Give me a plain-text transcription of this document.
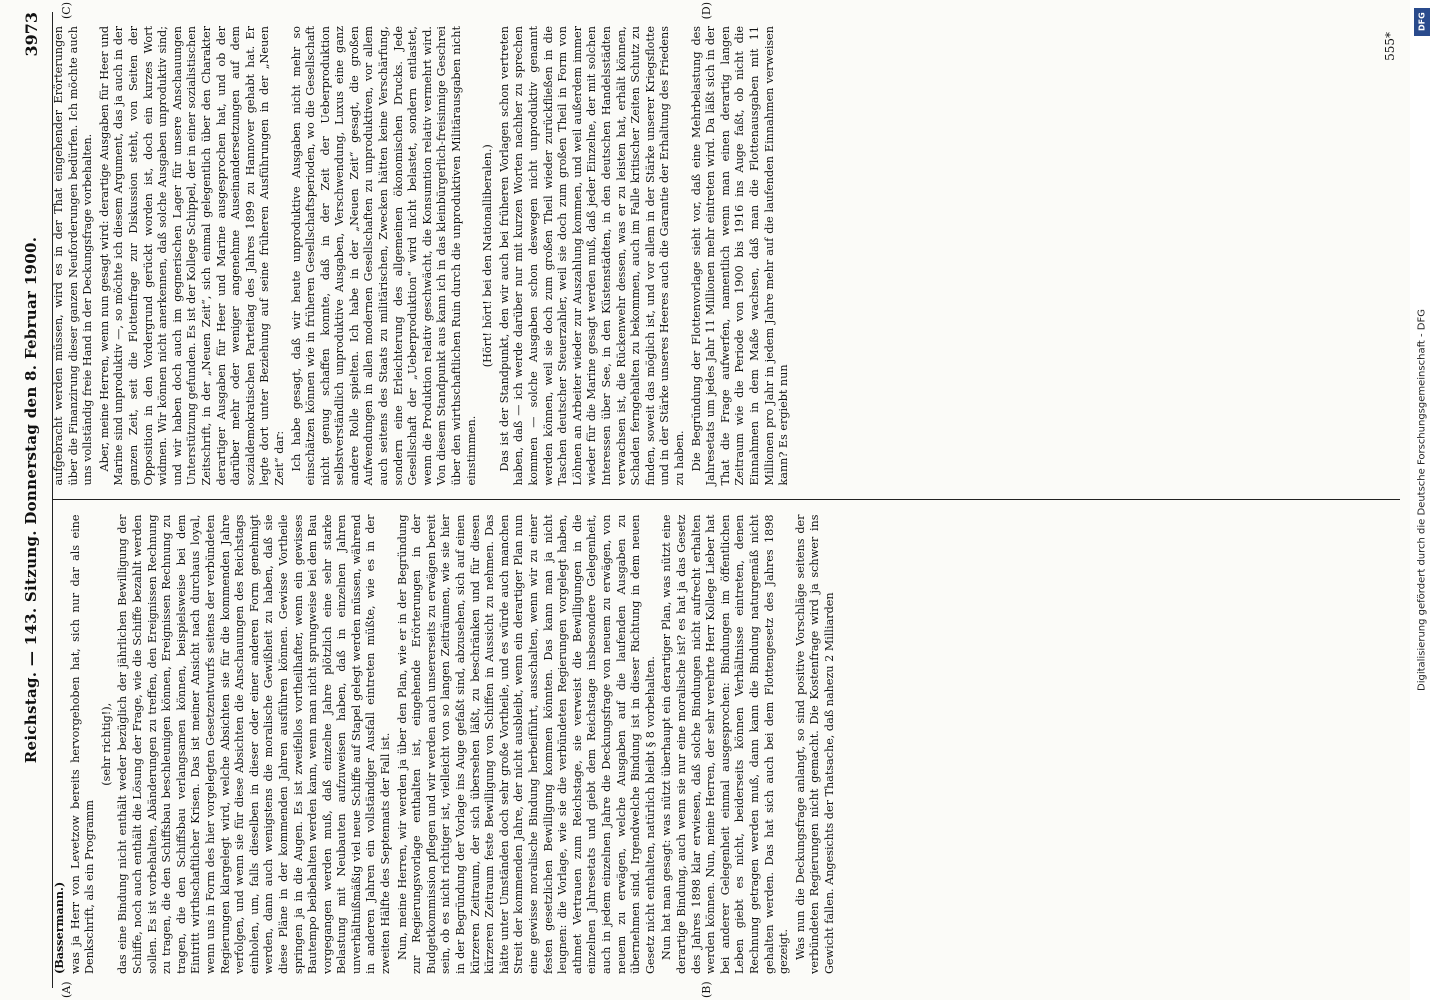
Reichstag. — 143. Sitzung. Donnerstag den 8. Februar 1900.
3973

(Bassermann.) was ja Herr von Levetzow bereits hervorgehoben hat, sich nur dar als eine Denkschrift, als ein Programm

(sehr richtig!), das eine Bindung nicht enthält weder bezüglich der jährlichen Bewilligung der Schiffe, noch auch enthält die Lösung der Frage, wie die Schiffe bezahlt werden sollen. Es ist vorbehalten, Abänderungen zu treffen, den Ereignissen Rechnung zu tragen, die den Schiffsbau beschleunigen können, Ereignissen Rechnung zu tragen, die den Schiffsbau verlangsamen können, beispielsweise bei dem Eintritt wirthschaftlicher Krisen. Das ist meiner Ansicht nach durchaus loyal, wenn uns in Form des hier vorgelegten Gesetzentwurfs seitens der verbündeten Regierungen klargelegt wird, welche Absichten sie für die kommenden Jahre verfolgen, und wenn sie für diese Absichten die Anschauungen des Reichstags einholen, um, falls dieselben in dieser oder einer anderen Form genehmigt werden, dann auch wenigstens die moralische Gewißheit zu haben, daß sie diese Pläne in der kommenden Jahren ausführen können. Gewisse Vortheile springen ja in die Augen. Es ist zweifellos vortheilhafter, wenn ein gewisses Bautempo beibehalten werden kann, wenn man nicht sprungweise bei dem Bau vorgegangen werden muß, daß einzelne Jahre plötzlich eine sehr starke Belastung mit Neubauten aufzuweisen haben, daß in einzelnen Jahren unverhältnißmäßig viel neue Schiffe auf Stapel gelegt werden müssen, während in anderen Jahren ein vollständiger Ausfall eintreten müßte, wie es in der zweiten Hälfte des Septennats der Fall ist. Nun, meine Herren, wir werden ja über den Plan, wie er in der Begründung zur Regierungsvorlage enthalten ist, eingehende Erörterungen in der Budgetkommission pflegen und wir werden auch unsererseits zu erwägen bereit sein, ob es nicht richtiger ist, vielleicht von so langen Zeiträumen, wie sie hier in der Begründung der Vorlage ins Auge gefaßt sind, abzusehen, sich auf einen kürzeren Zeitraum, der sich übersehen läßt, zu beschränken und für diesen kürzeren Zeitraum feste Bewilligung von Schiffen in Aussicht zu nehmen. Das hätte unter Umständen doch sehr große Vortheile, und es würde auch manchen Streit der kommenden Jahre, der nicht ausbleibt, wenn ein derartiger Plan nun eine gewisse moralische Bindung herbeiführt, ausschalten, wenn wir zu einer festen gesetzlichen Bewilligung kommen könnten. Das kann man ja nicht leugnen: die Vorlage, wie sie die verbündeten Regierungen vorgelegt haben, athmet Vertrauen zum Reichstage, sie verweist die Bewilligungen in die einzelnen Jahresetats und giebt dem Reichstage insbesondere Gelegenheit, auch in jedem einzelnen Jahre die Deckungsfrage von neuem zu erwägen, von neuem zu erwägen, welche Ausgaben auf die laufenden Ausgaben zu übernehmen sind. Irgendwelche Bindung ist in dieser Richtung in dem neuen Gesetz nicht enthalten, natürlich bleibt § 8 vorbehalten. Nun hat man gesagt: was nützt überhaupt ein derartiger Plan, was nützt eine derartige Bindung, auch wenn sie nur eine moralische ist? es hat ja das Gesetz des Jahres 1898 klar erwiesen, daß solche Bindungen nicht aufrecht erhalten werden können. Nun, meine Herren, der sehr verehrte Herr Kollege Lieber hat bei anderer Gelegenheit einmal ausgesprochen: Bindungen im öffentlichen Leben giebt es nicht, beiderseits können Verhältnisse eintreten, denen Rechnung getragen werden muß, dann kann die Bindung naturgemäß nicht gehalten werden. Das hat sich auch bei dem Flottengesetz des Jahres 1898 gezeigt. Was nun die Deckungsfrage anlangt, so sind positive Vorschläge seitens der verbündeten Regierungen nicht gemacht. Die Kostenfrage wird ja schwer ins Gewicht fallen. Angesichts der Thatsache, daß nahezu 2 Milliarden

aufgebracht werden müssen, wird es in der That eingehender Erörterungen über die Finanzirung dieser ganzen Neuforderungen bedürfen. Ich möchte auch uns vollständig freie Hand in der Deckungsfrage vorbehalten. Aber, meine Herren, wenn nun gesagt wird: derartige Ausgaben für Heer und Marine sind unproduktiv —, so möchte ich diesem Argument, das ja auch in der ganzen Zeit, seit die Flottenfrage zur Diskussion steht, von Seiten der Opposition in den Vordergrund gerückt worden ist, doch ein kurzes Wort widmen. Wir können nicht anerkennen, daß solche Ausgaben unproduktiv sind; und wir haben doch auch im gegnerischen Lager für unsere Anschauungen Unterstützung gefunden. Es ist der Kollege Schippel, der in einer sozialistischen Zeitschrift, in der „Neuen Zeit“, sich einmal gelegentlich über den Charakter derartiger Ausgaben für Heer und Marine ausgesprochen hat, und ob der darüber mehr oder weniger angenehme Auseinandersetzungen auf dem sozialdemokratischen Parteitag des Jahres 1899 zu Hannover gehabt hat. Er legte dort unter Beziehung auf seine früheren Ausführungen in der „Neuen Zeit“ dar: Ich habe gesagt, daß wir heute unproduktive Ausgaben nicht mehr so einschätzen können wie in früheren Gesellschaftsperioden, wo die Gesellschaft nicht genug schaffen konnte, daß in der Zeit der Ueberproduktion selbstverständlich unproduktive Ausgaben, Verschwendung, Luxus eine ganz andere Rolle spielten. Ich habe in der „Neuen Zeit“ gesagt, die großen Aufwendungen in allen modernen Gesellschaften zu unproduktiven, vor allem auch seitens des Staats zu militärischen, Zwecken hätten keine Verschärfung, sondern eine Erleichterung des allgemeinen ökonomischen Drucks. Jede Gesellschaft der „Ueberproduktion“ wird nicht belastet, sondern entlastet, wenn die Produktion relativ geschwächt, die Konsumtion relativ vermehrt wird. Von diesem Standpunkt aus kann ich in das kleinbürgerlich-freisinnige Geschrei über den wirthschaftlichen Ruin durch die unproduktiven Militärausgaben nicht einstimmen.

(Hört! hört! bei den Nationalliberalen.) Das ist der Standpunkt, den wir auch bei früheren Vorlagen schon vertreten haben, daß — ich werde darüber nur mit kurzen Worten nachher zu sprechen kommen — solche Ausgaben schon deswegen nicht unproduktiv genannt werden können, weil sie doch zum großen Theil wieder zurückfließen in die Taschen deutscher Steuerzahler, weil sie doch zum großen Theil in Form von Löhnen an Arbeiter wieder zur Auszahlung kommen, und weil außerdem immer wieder für die Marine gesagt werden muß, daß jeder Einzelne, der mit solchen Interessen über See, in den Küstenstädten, in den deutschen Handelsstädten verwachsen ist, die Rückenwehr dessen, was er zu leisten hat, erhält können, Schaden ferngehalten zu bekommen, auch im Falle kritischer Zeiten Schutz zu finden, soweit das möglich ist, und vor allem in der Stärke unserer Kriegsflotte und in der Stärke unseres Heeres auch die Garantie der Erhaltung des Friedens zu haben. Die Begründung der Flottenvorlage sieht vor, daß eine Mehrbelastung des Jahresetats um jedes Jahr 11 Millionen mehr eintreten wird. Da läßt sich in der That die Frage aufwerfen, namentlich wenn man einen derartig langen Zeitraum wie die Periode von 1900 bis 1916 ins Auge faßt, ob nicht die Einnahmen in dem Maße wachsen, daß man die Flottenausgaben mit 11 Millionen pro Jahr in jedem Jahre mehr auf die laufenden Einnahmen verweisen kann? Es ergiebt nun

555*
(A)	(B)
(C)	(D)
DFG
Digitalisierung gefördert durch die Deutsche Forschungsgemeinschaft - DFG
